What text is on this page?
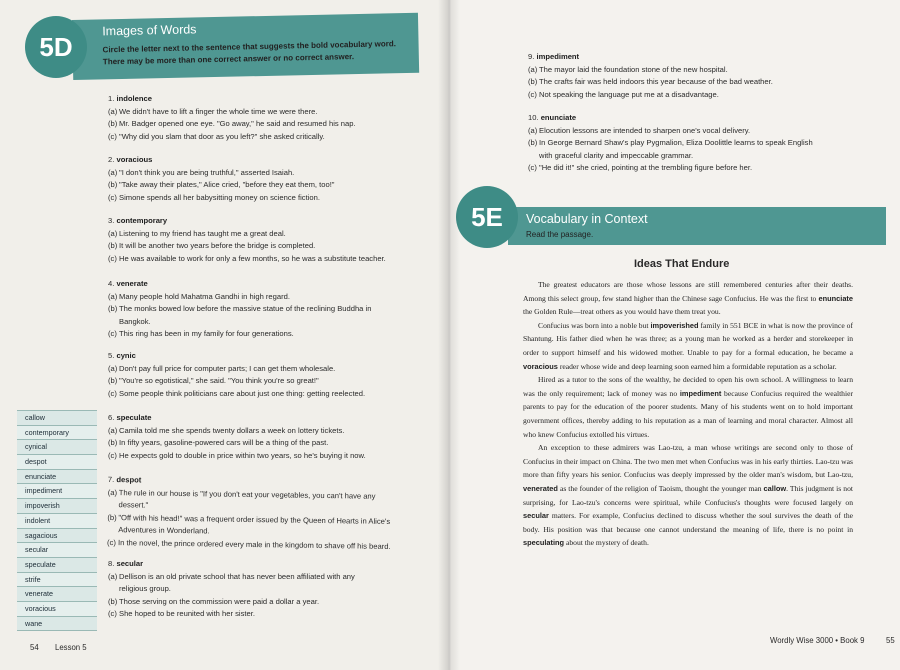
Images of Words
Circle the letter next to the sentence that suggests the bold vocabulary word.
There may be more than one correct answer or no correct answer.
5D
1. indolence
(a) We didn't have to lift a finger the whole time we were there.
(b) Mr. Badger opened one eye. "Go away," he said and resumed his nap.
(c) "Why did you slam that door as you left?" she asked critically.
2. voracious
(a) "I don't think you are being truthful," asserted Isaiah.
(b) "Take away their plates," Alice cried, "before they eat them, too!"
(c) Simone spends all her babysitting money on science fiction.
3. contemporary
(a) Listening to my friend has taught me a great deal.
(b) It will be another two years before the bridge is completed.
(c) He was available to work for only a few months, so he was a substitute teacher.
4. venerate
(a) Many people hold Mahatma Gandhi in high regard.
(b) The monks bowed low before the massive statue of the reclining Buddha in
Bangkok.
(c) This ring has been in my family for four generations.
5. cynic
(a) Don't pay full price for computer parts; I can get them wholesale.
(b) "You're so egotistical," she said. "You think you're so great!"
(c) Some people think politicians care about just one thing: getting reelected.
6. speculate
(a) Camila told me she spends twenty dollars a week on lottery tickets.
(b) In fifty years, gasoline-powered cars will be a thing of the past.
(c) He expects gold to double in price within two years, so he's buying it now.
7. despot
(a) The rule in our house is "If you don't eat your vegetables, you can't have any
dessert."
(b) "Off with his head!" was a frequent order issued by the Queen of Hearts in Alice's
Adventures in Wonderland.
(c) In the novel, the prince ordered every male in the kingdom to shave off his beard.
8. secular
(a) Dellison is an old private school that has never been affiliated with any
religious group.
(b) Those serving on the commission were paid a dollar a year.
(c) She hoped to be reunited with her sister.
callow
contemporary
cynical
despot
enunciate
impediment
impoverish
indolent
sagacious
secular
speculate
strife
venerate
voracious
wane
54 Lesson 5
9. impediment
(a) The mayor laid the foundation stone of the new hospital.
(b) The crafts fair was held indoors this year because of the bad weather.
(c) Not speaking the language put me at a disadvantage.
10. enunciate
(a) Elocution lessons are intended to sharpen one's vocal delivery.
(b) In George Bernard Shaw's play Pygmalion, Eliza Doolittle learns to speak English
with graceful clarity and impeccable grammar.
(c) "He did it!" she cried, pointing at the trembling figure before her.
Vocabulary in Context
Read the passage.
5E
Ideas That Endure

The greatest educators are those whose lessons are still remembered centuries after their deaths. Among this select group, few stand higher than the Chinese sage Confucius. He was the first to enunciate the Golden Rule—treat others as you would have them treat you.

Confucius was born into a noble but impoverished family in 551 BCE in what is now the province of Shantung. His father died when he was three; as a young man he worked as a herder and storekeeper in order to support himself and his widowed mother. Unable to pay for a formal education, he became a voracious reader whose wide and deep learning soon earned him a formidable reputation as a scholar.

Hired as a tutor to the sons of the wealthy, he decided to open his own school. A willingness to learn was the only requirement; lack of money was no impediment because Confucius required the wealthier parents to pay for the education of the poorer students. Many of his students went on to hold important government offices, thereby adding to his reputation as a man of learning and moral character. Almost all who knew Confucius extolled his virtues.

An exception to these admirers was Lao-tzu, a man whose writings are second only to those of Confucius in their impact on China. The two men met when Confucius was in his early thirties. Lao-tzu was more than fifty years his senior. Confucius was deeply impressed by the older man's wisdom, but Lao-tzu, venerated as the founder of the religion of Taoism, thought the younger man callow. This judgment is not surprising, for Lao-tzu's concerns were spiritual, while Confucius's thoughts were focused largely on secular matters. For example, Confucius declined to discuss whether the soul survives the death of the body. His position was that because one cannot understand the meaning of life, there is no point in speculating about the mystery of death.

Wordly Wise 3000 • Book 9	55
